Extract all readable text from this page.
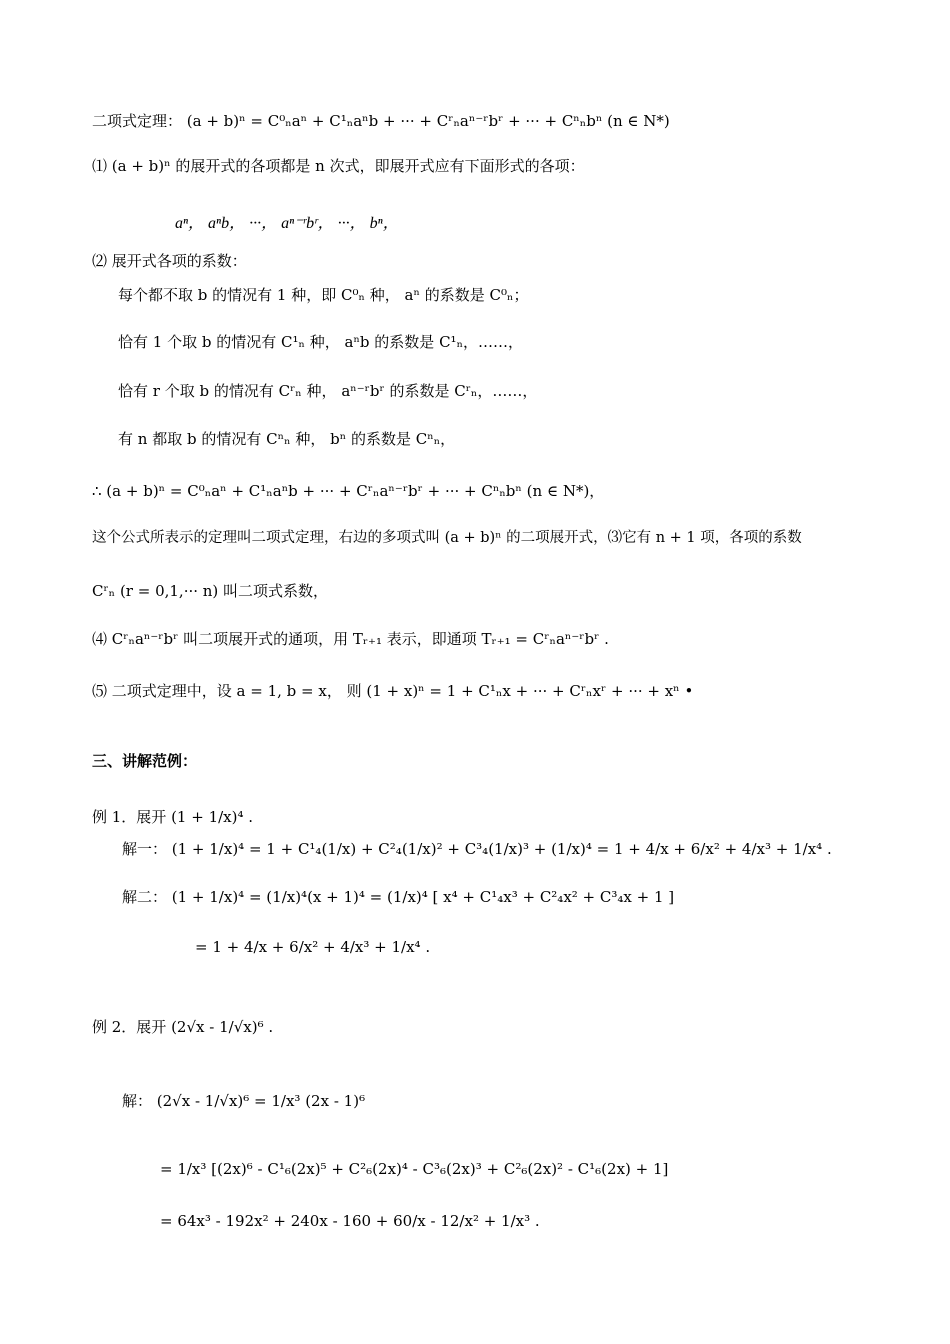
二项式定理： (a + b)ⁿ = C⁰ₙaⁿ + C¹ₙaⁿb + ··· + Cʳₙaⁿ⁻ʳbʳ + ··· + Cⁿₙbⁿ (n ∈ N*)
⑴ (a + b)ⁿ 的展开式的各项都是 n 次式，即展开式应有下面形式的各项：
aⁿ， aⁿb， ···， aⁿ⁻ʳbʳ， ···， bⁿ，
⑵ 展开式各项的系数：
每个都不取 b 的情况有 1 种，即 C⁰ₙ 种， aⁿ 的系数是 C⁰ₙ；
恰有 1 个取 b 的情况有 C¹ₙ 种， aⁿb 的系数是 C¹ₙ，……，
恰有 r 个取 b 的情况有 Cʳₙ 种， aⁿ⁻ʳbʳ 的系数是 Cʳₙ，……，
有 n 都取 b 的情况有 Cⁿₙ 种， bⁿ 的系数是 Cⁿₙ，
∴ (a + b)ⁿ = C⁰ₙaⁿ + C¹ₙaⁿb + ··· + Cʳₙaⁿ⁻ʳbʳ + ··· + Cⁿₙbⁿ (n ∈ N*)，
这个公式所表示的定理叫二项式定理，右边的多项式叫 (a + b)ⁿ 的二项展开式，⑶它有 n + 1 项，各项的系数
Cʳₙ (r = 0,1,··· n) 叫二项式系数，
⑷ Cʳₙaⁿ⁻ʳbʳ 叫二项展开式的通项，用 Tᵣ₊₁ 表示，即通项 Tᵣ₊₁ = Cʳₙaⁿ⁻ʳbʳ .
⑸ 二项式定理中，设 a = 1, b = x， 则 (1 + x)ⁿ = 1 + C¹ₙx + ··· + Cʳₙxʳ + ··· + xⁿ •
三、讲解范例：
例 1．展开 (1 + 1/x)⁴ .
解一： (1 + 1/x)⁴ = 1 + C¹₄(1/x) + C²₄(1/x)² + C³₄(1/x)³ + (1/x)⁴ = 1 + 4/x + 6/x² + 4/x³ + 1/x⁴ .
解二： (1 + 1/x)⁴ = (1/x)⁴(x + 1)⁴ = (1/x)⁴ [ x⁴ + C¹₄x³ + C²₄x² + C³₄x + 1 ]
= 1 + 4/x + 6/x² + 4/x³ + 1/x⁴ .
例 2．展开 (2√x - 1/√x)⁶ .
解： (2√x - 1/√x)⁶ = 1/x³ (2x - 1)⁶
= 1/x³ [(2x)⁶ - C¹₆(2x)⁵ + C²₆(2x)⁴ - C³₆(2x)³ + C²₆(2x)² - C¹₆(2x) + 1]
= 64x³ - 192x² + 240x - 160 + 60/x - 12/x² + 1/x³ .
